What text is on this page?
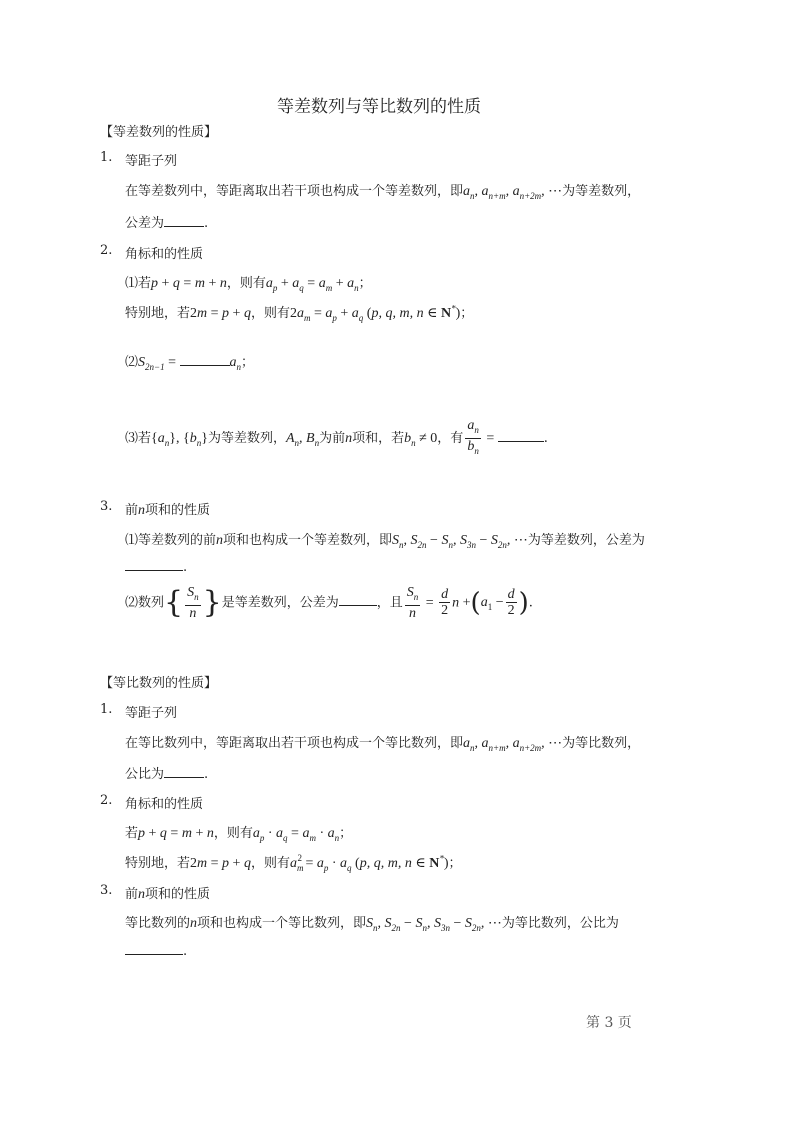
等差数列与等比数列的性质
【等差数列的性质】
1. 等距子列
在等差数列中，等距离取出若干项也构成一个等差数列，即$a_n$, $a_{n+m}$, $a_{n+2m}$, ⋯为等差数列，
公差为	.
2. 角标和的性质
⑴若p + q = m + n，则有$a_p + a_q = a_m + a_n$；
特别地，若2m = p + q，则有$2a_m = a_p + a_q$ (p, q, m, n ∈ N*)；
$⑵S_{2n-1}$ =	$a_n$；
⑶若$\{a_n\}$, $\{b_n\}$为等差数列，$A_n$, $B_n$为前n项和，若$b_n \ne 0$，有 $\frac{a_n}{b_n}$ =	.
3. 前n项和的性质
⑴等差数列的前n项和也构成一个等差数列，即$S_n$, $S_{2n} - S_n$, $S_{3n} - S_{2n}$, ⋯为等差数列，公差为
.
⑵数列{ $\frac{S_n}{n}$ }是等差数列，公差为	，且 $\frac{S_n}{n} = \frac{d}{2}$ $n +(a_1 - \frac{d}{2}$ ).
【等比数列的性质】
1. 等距子列
在等比数列中，等距离取出若干项也构成一个等比数列，即$a_n$, $a_{n+m}$, $a_{n+2m}$, ⋯为等比数列，
公比为	.
2. 角标和的性质
若p + q = m + n，则有$a_p \cdot a_q = a_m \cdot a_n$；
特别地，若2m = p + q，则有$a_m^2 = a_p \cdot a_q$ (p, q, m, n ∈ N*)；
3. 前n项和的性质
等比数列的n项和也构成一个等比数列，即$S_n$, $S_{2n} - S_n$, $S_{3n} - S_{2n}$, ⋯为等比数列，公比为
.
第 3 页
